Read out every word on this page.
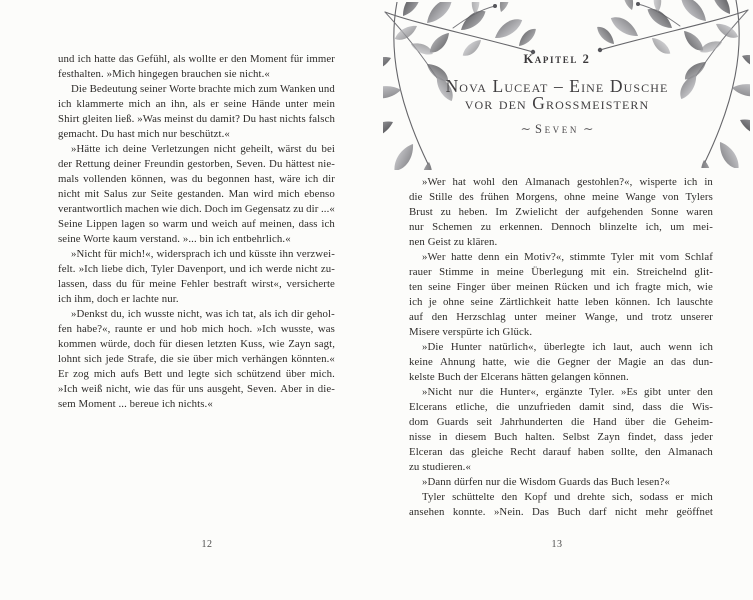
und ich hatte das Gefühl, als wollte er den Moment für immer
festhalten. »Mich hingegen brauchen sie nicht.«
Die Bedeutung seiner Worte brachte mich zum Wanken und
ich klammerte mich an ihn, als er seine Hände unter mein
Shirt gleiten ließ. »Was meinst du damit? Du hast nichts falsch
gemacht. Du hast mich nur beschützt.«
»Hätte ich deine Verletzungen nicht geheilt, wärst du bei
der Rettung deiner Freundin gestorben, Seven. Du hättest nie-
mals vollenden können, was du begonnen hast, wäre ich dir
nicht mit Salus zur Seite gestanden. Man wird mich ebenso
verantwortlich machen wie dich. Doch im Gegensatz zu dir ...«
Seine Lippen lagen so warm und weich auf meinen, dass ich
seine Worte kaum verstand. »... bin ich entbehrlich.«
»Nicht für mich!«, widersprach ich und küsste ihn verzwei-
felt. »Ich liebe dich, Tyler Davenport, und ich werde nicht zu-
lassen, dass du für meine Fehler bestraft wirst«, versicherte
ich ihm, doch er lachte nur.
»Denkst du, ich wusste nicht, was ich tat, als ich dir gehol-
fen habe?«, raunte er und hob mich hoch. »Ich wusste, was
kommen würde, doch für diesen letzten Kuss, wie Zayn sagt,
lohnt sich jede Strafe, die sie über mich verhängen könnten.«
Er zog mich aufs Bett und legte sich schützend über mich.
»Ich weiß nicht, wie das für uns ausgeht, Seven. Aber in die-
sem Moment ... bereue ich nichts.«
12
Kapitel 2
Nova Luceat – Eine Dusche
vor den Grossmeistern
∼ Seven ∼
»Wer hat wohl den Almanach gestohlen?«, wisperte ich in
die Stille des frühen Morgens, ohne meine Wange von Tylers
Brust zu heben. Im Zwielicht der aufgehenden Sonne waren
nur Schemen zu erkennen. Dennoch blinzelte ich, um mei-
nen Geist zu klären.
»Wer hatte denn ein Motiv?«, stimmte Tyler mit vom Schlaf
rauer Stimme in meine Überlegung mit ein. Streichelnd glit-
ten seine Finger über meinen Rücken und ich fragte mich, wie
ich je ohne seine Zärtlichkeit hatte leben können. Ich lauschte
auf den Herzschlag unter meiner Wange, und trotz unserer
Misere verspürte ich Glück.
»Die Hunter natürlich«, überlegte ich laut, auch wenn ich
keine Ahnung hatte, wie die Gegner der Magie an das dun-
kelste Buch der Elcerans hätten gelangen können.
»Nicht nur die Hunter«, ergänzte Tyler. »Es gibt unter den
Elcerans etliche, die unzufrieden damit sind, dass die Wis-
dom Guards seit Jahrhunderten die Hand über die Geheim-
nisse in diesem Buch halten. Selbst Zayn findet, dass jeder
Elceran das gleiche Recht darauf haben sollte, den Almanach
zu studieren.«
»Dann dürfen nur die Wisdom Guards das Buch lesen?«
Tyler schüttelte den Kopf und drehte sich, sodass er mich
ansehen konnte. »Nein. Das Buch darf nicht mehr geöffnet
13
